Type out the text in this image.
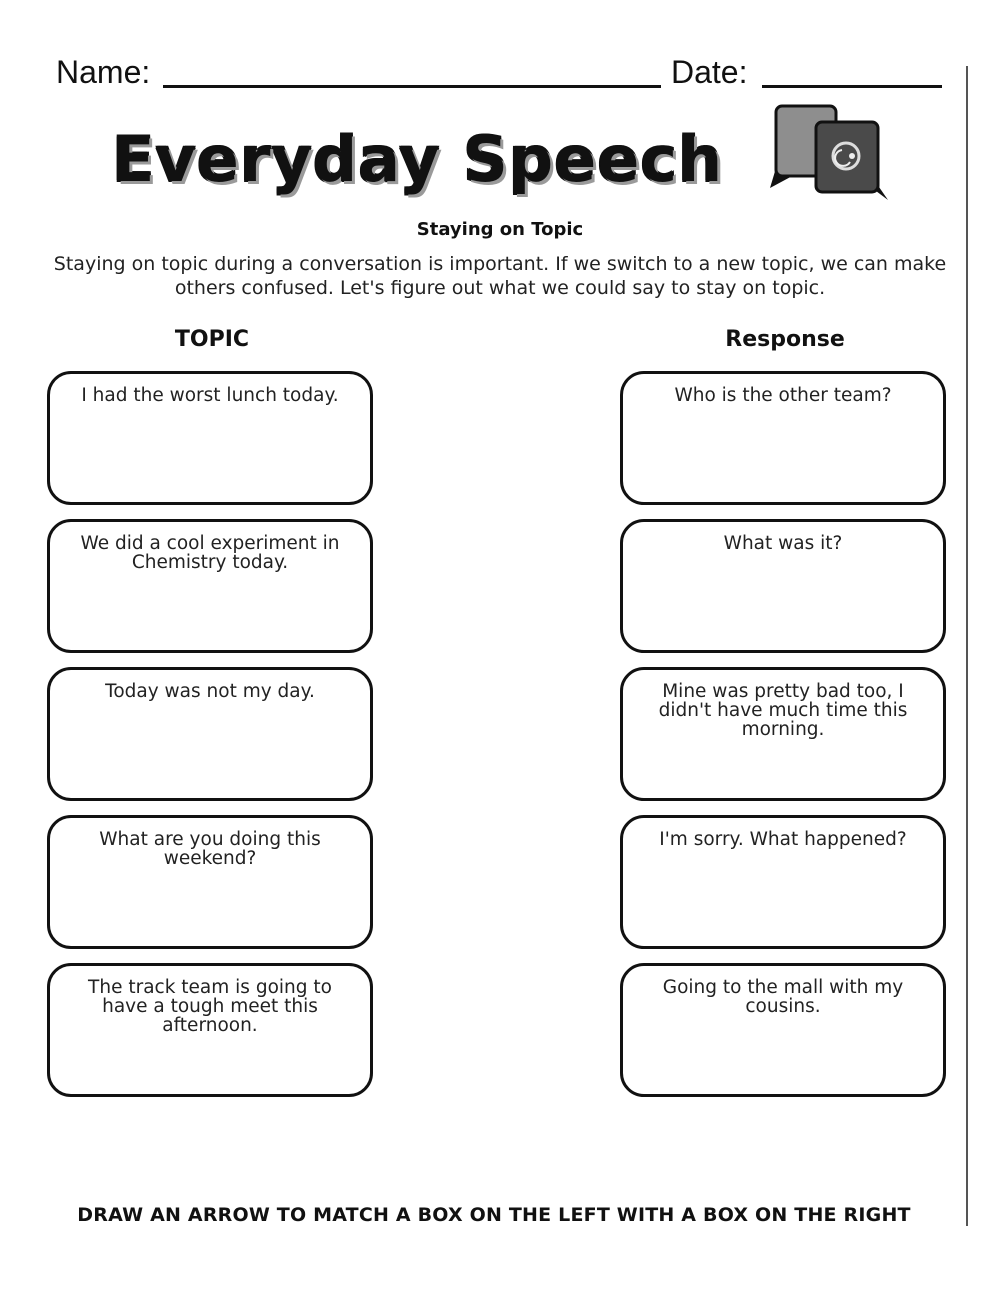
Name:	Date:
Everyday Speech
Staying on Topic
Staying on topic during a conversation is important. If we switch to a new topic, we can make others confused. Let's figure out what we could say to stay on topic.
TOPIC	Response
I had the worst lunch today.
We did a cool experiment in Chemistry today.
Today was not my day.
What are you doing this weekend?
The track team is going to have a tough meet this afternoon.
Who is the other team?
What was it?
Mine was pretty bad too, I didn't have much time this morning.
I'm sorry. What happened?
Going to the mall with my cousins.
DRAW AN ARROW TO MATCH A BOX ON THE LEFT WITH A BOX ON THE RIGHT
